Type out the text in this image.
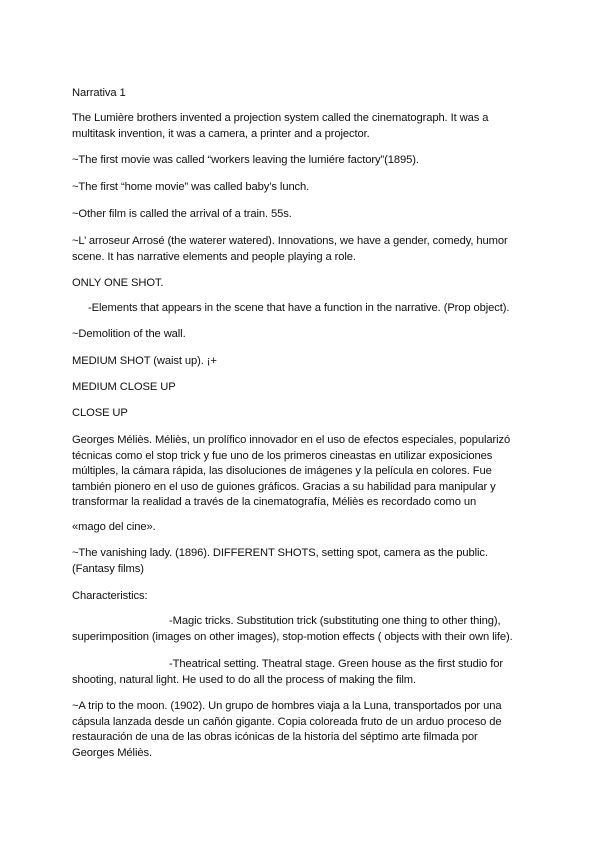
Narrativa 1

The Lumière brothers invented a projection system called the cinematograph. It was a
multitask invention, it was a camera, a printer and a projector.

~The first movie was called “workers leaving the lumiére factory”(1895).

~The first “home movie” was called baby’s lunch.

~Other film is called the arrival of a train. 55s.

~L’ arroseur Arrosé (the waterer watered). Innovations, we have a gender, comedy, humor
scene. It has narrative elements and people playing a role.

ONLY ONE SHOT.

-Elements that appears in the scene that have a function in the narrative. (Prop object).

~Demolition of the wall.

MEDIUM SHOT (waist up). ¡+

MEDIUM CLOSE UP

CLOSE UP

Georges Méliès. Méliès, un prolífico innovador en el uso de efectos especiales, popularizó
técnicas como el stop trick y fue uno de los primeros cineastas en utilizar exposiciones
múltiples, la cámara rápida, las disoluciones de imágenes y la película en colores. Fue
también pionero en el uso de guiones gráficos. Gracias a su habilidad para manipular y
transformar la realidad a través de la cinematografía, Méliès es recordado como un

«mago del cine».

~The vanishing lady. (1896). DIFFERENT SHOTS, setting spot, camera as the public.
(Fantasy films)

Characteristics:

-Magic tricks. Substitution trick (substituting one thing to other thing),
superimposition (images on other images), stop-motion effects ( objects with their own life).

-Theatrical setting. Theatral stage. Green house as the first studio for
shooting, natural light. He used to do all the process of making the film.

~A trip to the moon. (1902). Un grupo de hombres viaja a la Luna, transportados por una
cápsula lanzada desde un cañón gigante. Copia coloreada fruto de un arduo proceso de
restauración de una de las obras icónicas de la historia del séptimo arte filmada por
Georges Méliès.
